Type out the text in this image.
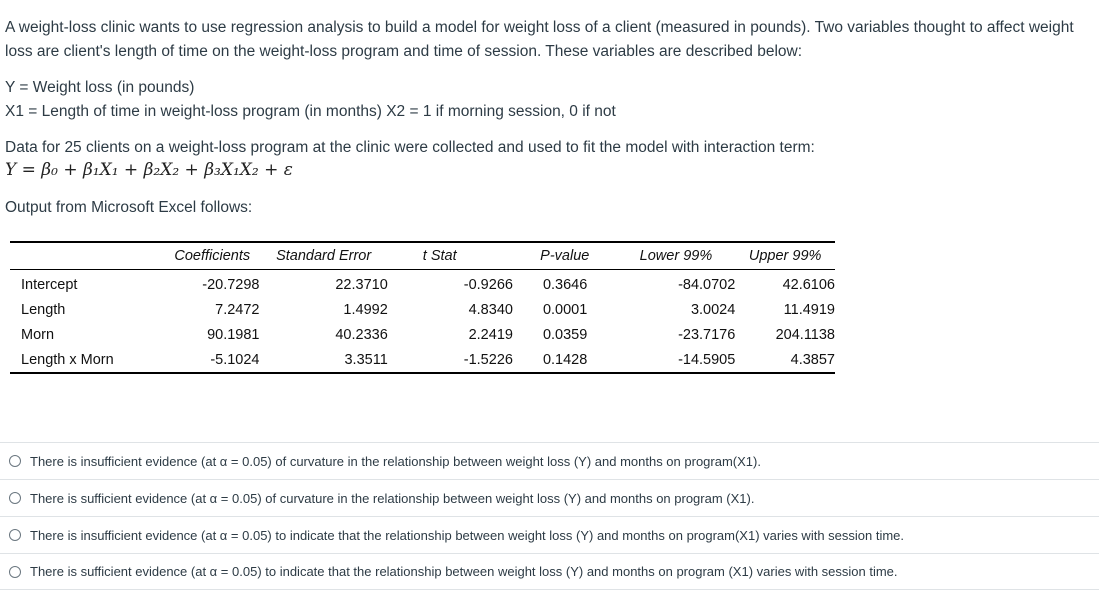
A weight-loss clinic wants to use regression analysis to build a model for weight loss of a client (measured in pounds). Two variables thought to affect weight loss are client's length of time on the weight-loss program and time of session. These variables are described below:

Y = Weight loss (in pounds)

X1 = Length of time in weight-loss program (in months) X2 = 1 if morning session, 0 if not

Data for 25 clients on a weight-loss program at the clinic were collected and used to fit the model with interaction term:

Y = β₀ + β₁X₁ + β₂X₂ + β₃X₁X₂ + ε

Output from Microsoft Excel follows:

	Coefficients	Standard Error	t Stat	P-value	Lower 99%	Upper 99%
Intercept	-20.7298	22.3710	-0.9266	0.3646	-84.0702	42.6106
Length	7.2472	1.4992	4.8340	0.0001	3.0024	11.4919
Morn	90.1981	40.2336	2.2419	0.0359	-23.7176	204.1138
Length x Morn	-5.1024	3.3511	-1.5226	0.1428	-14.5905	4.3857
There is insufficient evidence (at α = 0.05) of curvature in the relationship between weight loss (Y) and months on program(X1).
There is sufficient evidence (at α = 0.05) of curvature in the relationship between weight loss (Y) and months on program (X1).
There is insufficient evidence (at α = 0.05) to indicate that the relationship between weight loss (Y) and months on program(X1) varies with session time.
There is sufficient evidence (at α = 0.05) to indicate that the relationship between weight loss (Y) and months on program (X1) varies with session time.
